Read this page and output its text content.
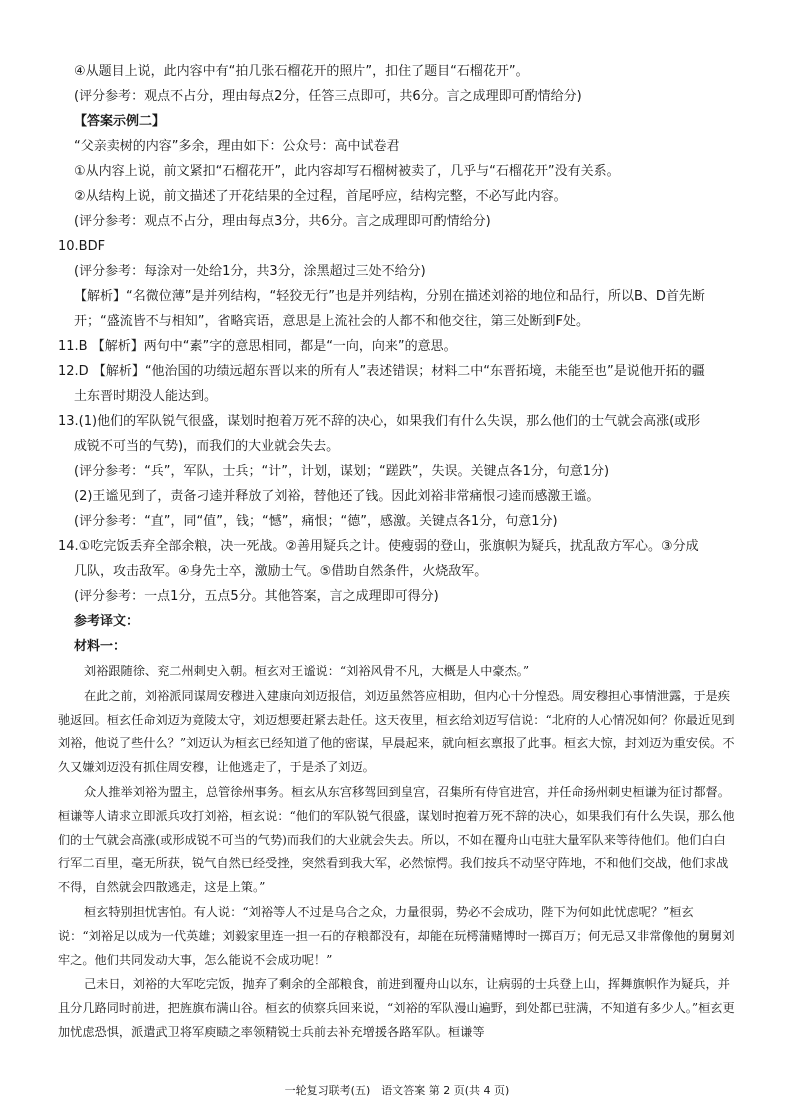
④从题目上说，此内容中有“拍几张石榴花开的照片”，扣住了题目“石榴花开”。
(评分参考：观点不占分，理由每点2分，任答三点即可，共6分。言之成理即可酌情给分)
【答案示例二】
“父亲卖树的内容”多余，理由如下：公众号：高中试卷君
①从内容上说，前文紧扣“石榴花开”，此内容却写石榴树被卖了，几乎与“石榴花开”没有关系。
②从结构上说，前文描述了开花结果的全过程，首尾呼应，结构完整，不必写此内容。
(评分参考：观点不占分，理由每点3分，共6分。言之成理即可酌情给分)
10.BDF
(评分参考：每涂对一处给1分，共3分，涂黑超过三处不给分)
【解析】“名微位薄”是并列结构，“轻狡无行”也是并列结构，分别在描述刘裕的地位和品行，所以B、D首先断
开；“盛流皆不与相知”，省略宾语，意思是上流社会的人都不和他交往，第三处断到F处。
11.B 【解析】两句中“素”字的意思相同，都是“一向，向来”的意思。
12.D 【解析】“他治国的功绩远超东晋以来的所有人”表述错误；材料二中“东晋拓境，未能至也”是说他开拓的疆
土东晋时期没人能达到。
13.(1)他们的军队锐气很盛，谋划时抱着万死不辞的决心，如果我们有什么失误，那么他们的士气就会高涨(或形
成锐不可当的气势)，而我们的大业就会失去。
(评分参考：“兵”，军队，士兵；“计”，计划，谋划；“蹉跌”，失误。关键点各1分，句意1分)
(2)王谧见到了，责备刁逵并释放了刘裕，替他还了钱。因此刘裕非常痛恨刁逵而感激王谧。
(评分参考：“直”，同“值”，钱；“憾”，痛恨；“德”，感激。关键点各1分，句意1分)
14.①吃完饭丢弃全部余粮，决一死战。②善用疑兵之计。使瘦弱的登山，张旗帜为疑兵，扰乱敌方军心。③分成
几队，攻击敌军。④身先士卒，激励士气。⑤借助自然条件，火烧敌军。
(评分参考：一点1分，五点5分。其他答案，言之成理即可得分)
参考译文：
材料一：
刘裕跟随徐、兖二州刺史入朝。桓玄对王谧说：“刘裕风骨不凡，大概是人中豪杰。”
在此之前，刘裕派同谋周安穆进入建康向刘迈报信，刘迈虽然答应相助，但内心十分惶恐。周安穆担心事情泄露，于是疾驰返回。桓玄任命刘迈为竟陵太守，刘迈想要赶紧去赴任。这天夜里，桓玄给刘迈写信说：“北府的人心情况如何？你最近见到刘裕，他说了些什么？”刘迈认为桓玄已经知道了他的密谋，早晨起来，就向桓玄禀报了此事。桓玄大惊，封刘迈为重安侯。不久又嫌刘迈没有抓住周安穆，让他逃走了，于是杀了刘迈。
众人推举刘裕为盟主，总管徐州事务。桓玄从东宫移驾回到皇宫，召集所有侍官进宫，并任命扬州刺史桓谦为征讨都督。桓谦等人请求立即派兵攻打刘裕，桓玄说：“他们的军队锐气很盛，谋划时抱着万死不辞的决心，如果我们有什么失误，那么他们的士气就会高涨(或形成锐不可当的气势)而我们的大业就会失去。所以，不如在覆舟山屯驻大量军队来等待他们。他们白白行军二百里，毫无所获，锐气自然已经受挫，突然看到我大军，必然惊愕。我们按兵不动坚守阵地，不和他们交战，他们求战不得，自然就会四散逃走，这是上策。”
桓玄特别担忧害怕。有人说：“刘裕等人不过是乌合之众，力量很弱，势必不会成功，陛下为何如此忧虑呢？”桓玄说：“刘裕足以成为一代英雄；刘毅家里连一担一石的存粮都没有，却能在玩樗蒲赌博时一掷百万；何无忌又非常像他的舅舅刘牢之。他们共同发动大事，怎么能说不会成功呢！”
己未日，刘裕的大军吃完饭，抛弃了剩余的全部粮食，前进到覆舟山以东，让病弱的士兵登上山，挥舞旗帜作为疑兵，并且分几路同时前进，把旌旗布满山谷。桓玄的侦察兵回来说，“刘裕的军队漫山遍野，到处都已驻满，不知道有多少人。”桓玄更加忧虑恐惧，派遣武卫将军庾赜之率领精锐士兵前去补充增援各路军队。桓谦等
一轮复习联考(五)　语文答案 第 2 页(共 4 页)
